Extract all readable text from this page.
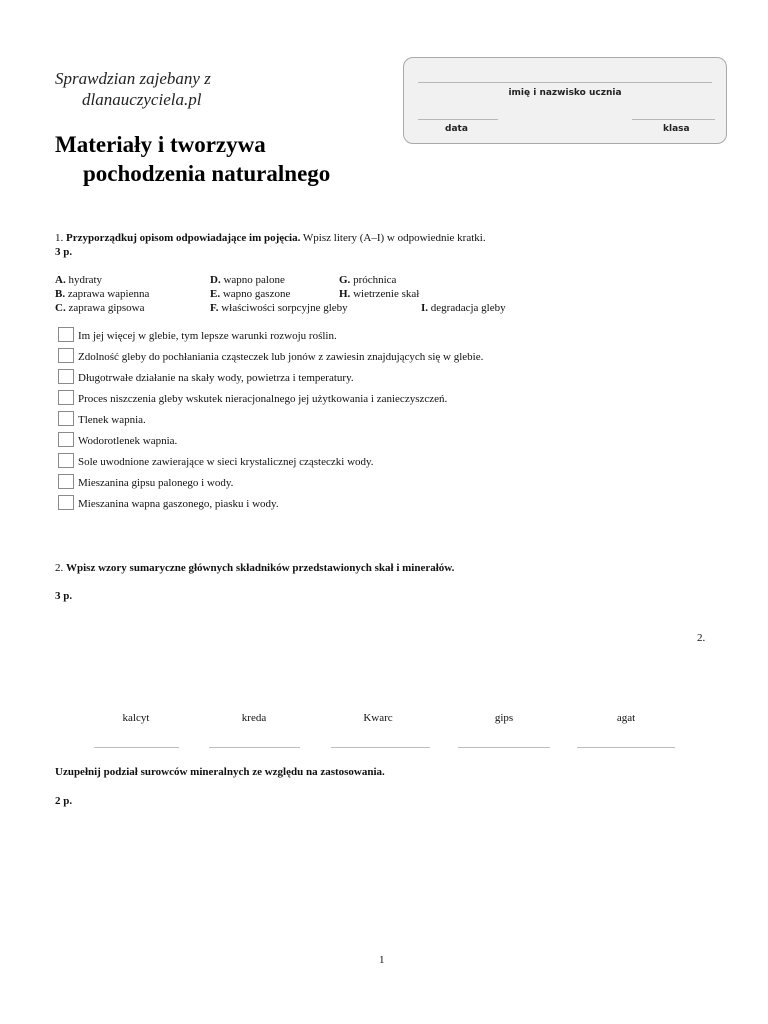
Sprawdzian zajebany z
dlanauczyciela.pl
Materiały i tworzywa
pochodzenia naturalnego
imię i nazwisko ucznia
data	klasa
1. Przyporządkuj opisom odpowiadające im pojęcia. Wpisz litery (A–I) w odpowiednie kratki.
3 p.
A. hydraty
B. zaprawa wapienna
C. zaprawa gipsowa
D. wapno palone
E. wapno gaszone
F. właściwości sorpcyjne gleby
G. próchnica
H. wietrzenie skał
I. degradacja gleby
Im jej więcej w glebie, tym lepsze warunki rozwoju roślin.
Zdolność gleby do pochłaniania cząsteczek lub jonów z zawiesin znajdujących się w glebie.
Długotrwałe działanie na skały wody, powietrza i temperatury.
Proces niszczenia gleby wskutek nieracjonalnego jej użytkowania i zanieczyszczeń.
Tlenek wapnia.
Wodorotlenek wapnia.
Sole uwodnione zawierające w sieci krystalicznej cząsteczki wody.
Mieszanina gipsu palonego i wody.
Mieszanina wapna gaszonego, piasku i wody.
2. Wpisz wzory sumaryczne głównych składników przedstawionych skał i minerałów.
3 p.
2.
kalcyt	kreda	Kwarc	gips	agat
Uzupełnij podział surowców mineralnych ze względu na zastosowania.
2 p.
1
